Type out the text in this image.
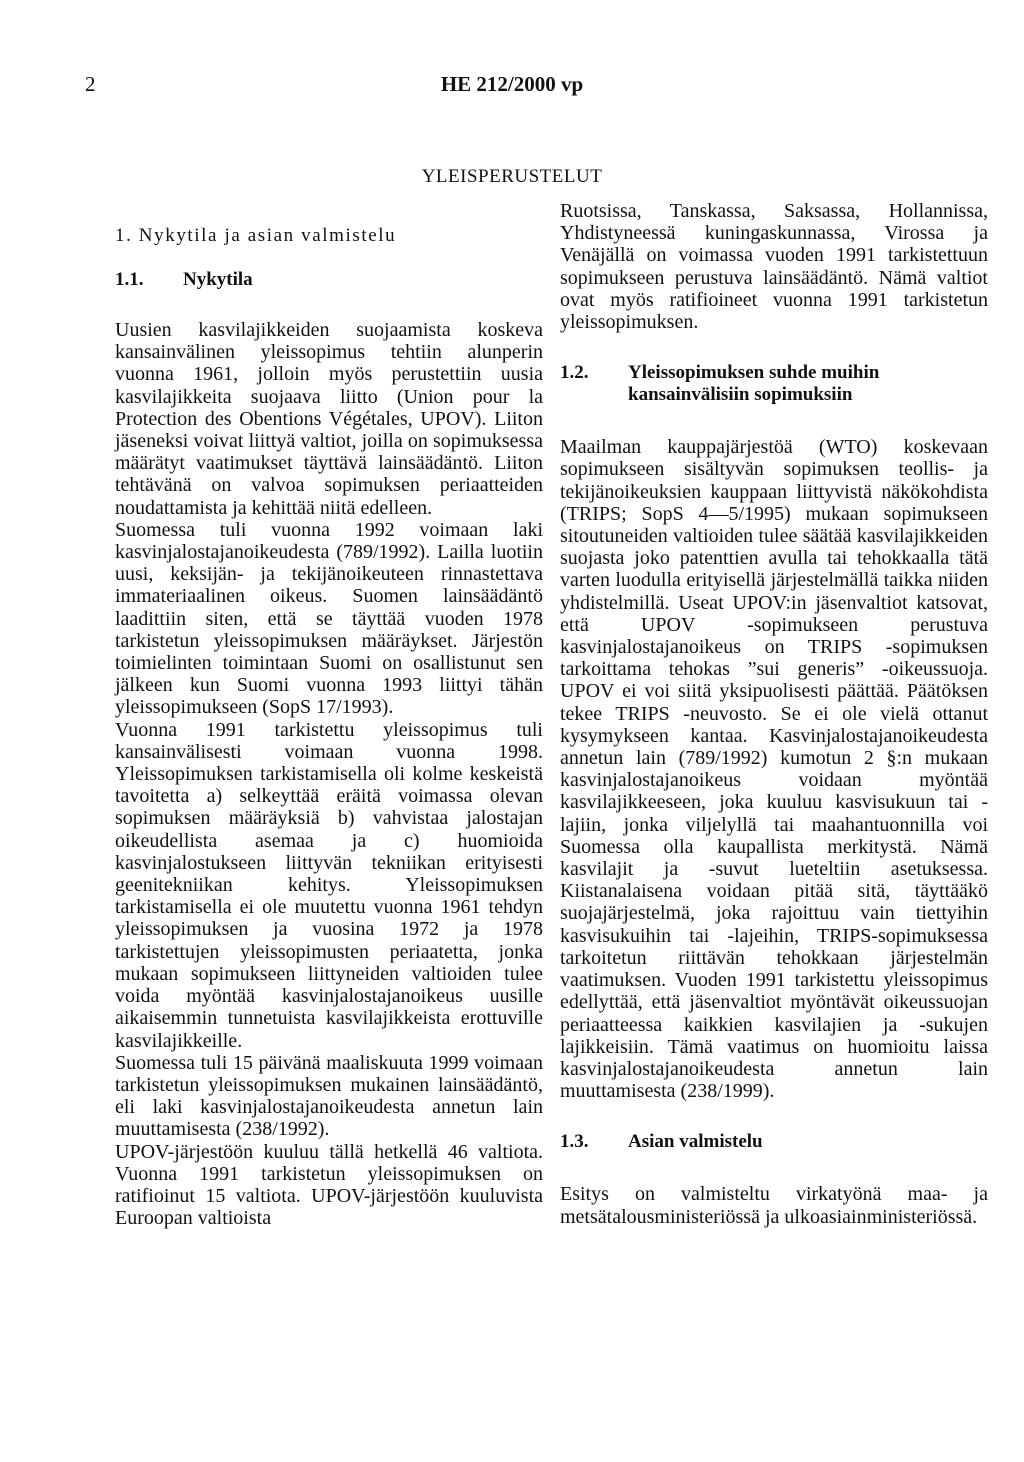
2	HE 212/2000 vp
YLEISPERUSTELUT
1. Nykytila ja asian valmistelu
1.1.	Nykytila

Uusien kasvilajikkeiden suojaamista koskeva kansainvälinen yleissopimus tehtiin alunperin vuonna 1961, jolloin myös perustettiin uusia kasvilajikkeita suojaava liitto (Union pour la Protection des Obentions Végétales, UPOV). Liiton jäseneksi voivat liittyä valtiot, joilla on sopimuksessa määrätyt vaatimukset täyttävä lainsäädäntö. Liiton tehtävänä on valvoa sopimuksen periaatteiden noudattamista ja kehittää niitä edelleen.

Suomessa tuli vuonna 1992 voimaan laki kasvinjalostajanoikeudesta (789/1992). Lailla luotiin uusi, keksijän- ja tekijänoikeuteen rinnastettava immateriaalinen oikeus. Suomen lainsäädäntö laadittiin siten, että se täyttää vuoden 1978 tarkistetun yleissopimuksen määräykset. Järjestön toimielinten toimintaan Suomi on osallistunut sen jälkeen kun Suomi vuonna 1993 liittyi tähän yleissopimukseen (SopS 17/1993).

Vuonna 1991 tarkistettu yleissopimus tuli kansainvälisesti voimaan vuonna 1998. Yleissopimuksen tarkistamisella oli kolme keskeistä tavoitetta a) selkeyttää eräitä voimassa olevan sopimuksen määräyksiä b) vahvistaa jalostajan oikeudellista asemaa ja c) huomioida kasvinjalostukseen liittyvän tekniikan erityisesti geenitekniikan kehitys. Yleissopimuksen tarkistamisella ei ole muutettu vuonna 1961 tehdyn yleissopimuksen ja vuosina 1972 ja 1978 tarkistettujen yleissopimusten periaatetta, jonka mukaan sopimukseen liittyneiden valtioiden tulee voida myöntää kasvinjalostajanoikeus uusille aikaisemmin tunnetuista kasvilajikkeista erottuville kasvilajikkeille.

Suomessa tuli 15 päivänä maaliskuuta 1999 voimaan tarkistetun yleissopimuksen mukainen lainsäädäntö, eli laki kasvinjalostajanoikeudesta annetun lain muuttamisesta (238/1992).

UPOV-järjestöön kuuluu tällä hetkellä 46 valtiota. Vuonna 1991 tarkistetun yleissopimuksen on ratifioinut 15 valtiota. UPOV-järjestöön kuuluvista Euroopan valtioista

Ruotsissa, Tanskassa, Saksassa, Hollannissa, Yhdistyneessä kuningaskunnassa, Virossa ja Venäjällä on voimassa vuoden 1991 tarkistettuun sopimukseen perustuva lainsäädäntö. Nämä valtiot ovat myös ratifioineet vuonna 1991 tarkistetun yleissopimuksen.

1.2.	Yleissopimuksen suhde muihin kansainvälisiin sopimuksiin

Maailman kauppajärjestöä (WTO) koskevaan sopimukseen sisältyvän sopimuksen teollis- ja tekijänoikeuksien kauppaan liittyvistä näkökohdista (TRIPS; SopS 4—5/1995) mukaan sopimukseen sitoutuneiden valtioiden tulee säätää kasvilajikkeiden suojasta joko patenttien avulla tai tehokkaalla tätä varten luodulla erityisellä järjestelmällä taikka niiden yhdistelmillä. Useat UPOV:in jäsenvaltiot katsovat, että UPOV -sopimukseen perustuva kasvinjalostajanoikeus on TRIPS -sopimuksen tarkoittama tehokas ”sui generis” -oikeussuoja. UPOV ei voi siitä yksipuolisesti päättää. Päätöksen tekee TRIPS -neuvosto. Se ei ole vielä ottanut kysymykseen kantaa. Kasvinjalostajanoikeudesta annetun lain (789/1992) kumotun 2 §:n mukaan kasvinjalostajanoikeus voidaan myöntää kasvilajikkeeseen, joka kuuluu kasvisukuun tai -lajiin, jonka viljelyllä tai maahantuonnilla voi Suomessa olla kaupallista merkitystä. Nämä kasvilajit ja -suvut lueteltiin asetuksessa. Kiistanalaisena voidaan pitää sitä, täyttääkö suojajärjestelmä, joka rajoittuu vain tiettyihin kasvisukuihin tai -lajeihin, TRIPS-sopimuksessa tarkoitetun riittävän tehokkaan järjestelmän vaatimuksen. Vuoden 1991 tarkistettu yleissopimus edellyttää, että jäsenvaltiot myöntävät oikeussuojan periaatteessa kaikkien kasvilajien ja -sukujen lajikkeisiin. Tämä vaatimus on huomioitu laissa kasvinjalostajanoikeudesta annetun lain muuttamisesta (238/1999).

1.3.	Asian valmistelu

Esitys on valmisteltu virkatyönä maa- ja metsätalousministeriössä ja ulkoasiainministeriössä.
